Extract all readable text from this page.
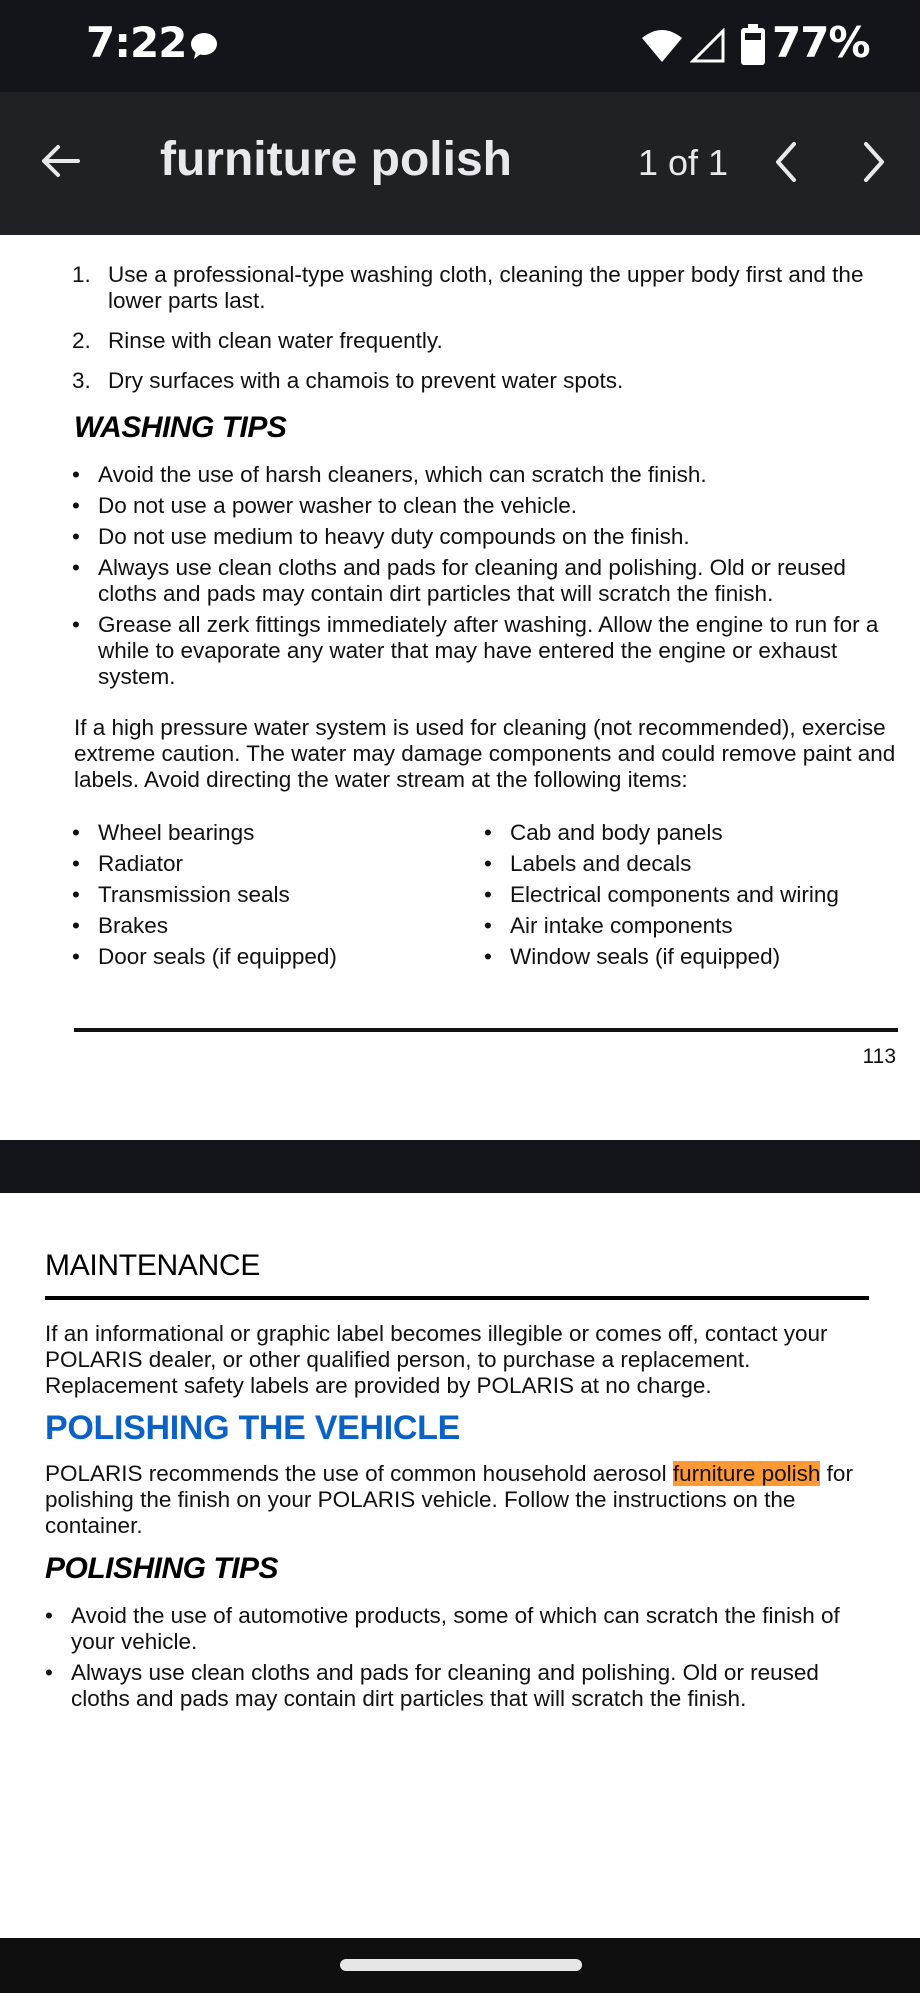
7:22	77%
furniture polish	1 of 1
1. Use a professional-type washing cloth, cleaning the upper body first and the lower parts last.
2. Rinse with clean water frequently.
3. Dry surfaces with a chamois to prevent water spots.
WASHING TIPS
• Avoid the use of harsh cleaners, which can scratch the finish.
• Do not use a power washer to clean the vehicle.
• Do not use medium to heavy duty compounds on the finish.
• Always use clean cloths and pads for cleaning and polishing. Old or reused cloths and pads may contain dirt particles that will scratch the finish.
• Grease all zerk fittings immediately after washing. Allow the engine to run for a while to evaporate any water that may have entered the engine or exhaust system.

If a high pressure water system is used for cleaning (not recommended), exercise extreme caution. The water may damage components and could remove paint and labels. Avoid directing the water stream at the following items:

• Wheel bearings
• Radiator
• Transmission seals
• Brakes
• Door seals (if equipped)
• Cab and body panels
• Labels and decals
• Electrical components and wiring
• Air intake components
• Window seals (if equipped)
113
MAINTENANCE

If an informational or graphic label becomes illegible or comes off, contact your POLARIS dealer, or other qualified person, to purchase a replacement. Replacement safety labels are provided by POLARIS at no charge.

POLISHING THE VEHICLE

POLARIS recommends the use of common household aerosol furniture polish for polishing the finish on your POLARIS vehicle. Follow the instructions on the container.

POLISHING TIPS
• Avoid the use of automotive products, some of which can scratch the finish of your vehicle.
• Always use clean cloths and pads for cleaning and polishing. Old or reused cloths and pads may contain dirt particles that will scratch the finish.
